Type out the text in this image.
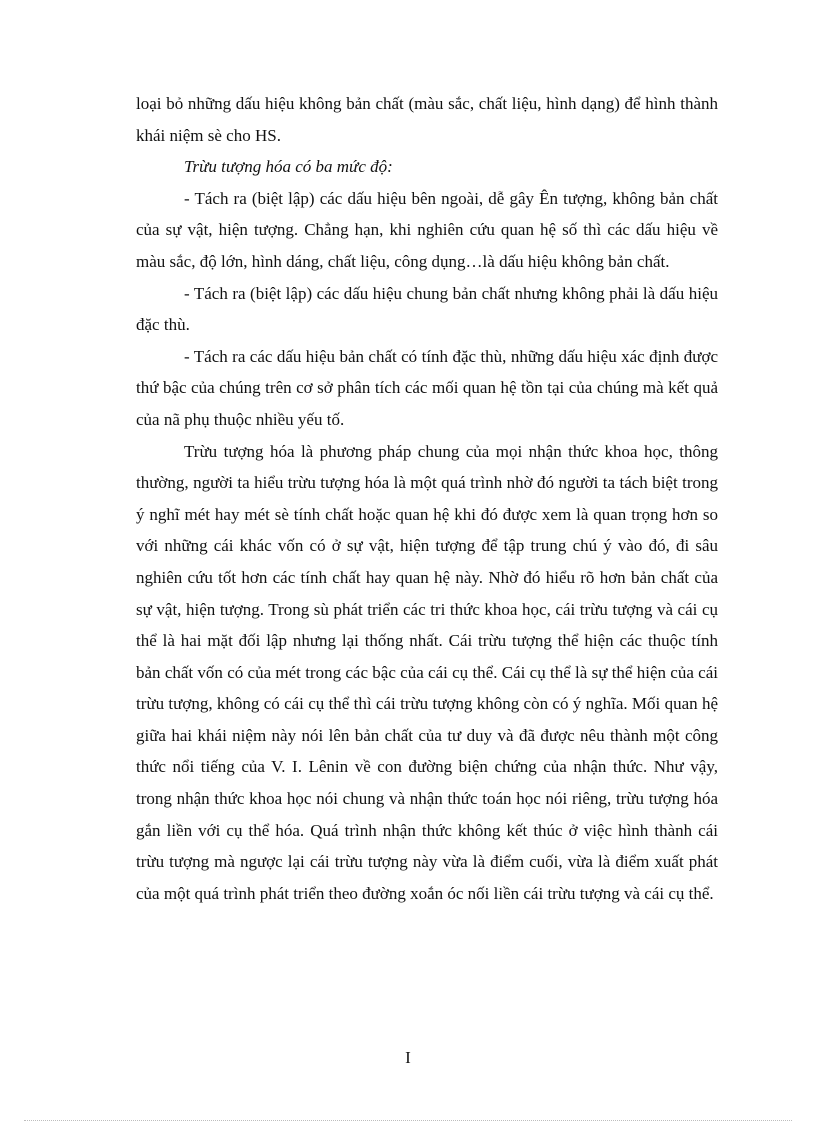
loại bỏ những dấu hiệu không bản chất (màu sắc, chất liệu, hình dạng) để hình thành khái niệm sè cho HS.

Trừu tượng hóa có ba mức độ:

- Tách ra (biệt lập) các dấu hiệu bên ngoài, dễ gây Ên tượng, không bản chất của sự vật, hiện tượng. Chẳng hạn, khi nghiên cứu quan hệ số thì các dấu hiệu về màu sắc, độ lớn, hình dáng, chất liệu, công dụng…là dấu hiệu không bản chất.

- Tách ra (biệt lập) các dấu hiệu chung bản chất nhưng không phải là dấu hiệu đặc thù.

- Tách ra các dấu hiệu bản chất có tính đặc thù, những dấu hiệu xác định được thứ bậc của chúng trên cơ sở phân tích các mối quan hệ tồn tại của chúng mà kết quả của nã phụ thuộc nhiều yếu tố.

Trừu tượng hóa là phương pháp chung của mọi nhận thức khoa học, thông thường, người ta hiểu trừu tượng hóa là một quá trình nhờ đó người ta tách biệt trong ý nghĩ mét hay mét sè tính chất hoặc quan hệ khi đó được xem là quan trọng hơn so với những cái khác vốn có ở sự vật, hiện tượng để tập trung chú ý vào đó, đi sâu nghiên cứu tốt hơn các tính chất hay quan hệ này. Nhờ đó hiểu rõ hơn bản chất của sự vật, hiện tượng. Trong sù phát triển các tri thức khoa học, cái trừu tượng và cái cụ thể là hai mặt đối lập nhưng lại thống nhất. Cái trừu tượng thể hiện các thuộc tính bản chất vốn có của mét trong các bậc của cái cụ thể. Cái cụ thể là sự thể hiện của cái trừu tượng, không có cái cụ thể thì cái trừu tượng không còn có ý nghĩa. Mối quan hệ giữa hai khái niệm này nói lên bản chất của tư duy và đã được nêu thành một công thức nổi tiếng của V. I. Lênin về con đường biện chứng của nhận thức. Như vậy, trong nhận thức khoa học nói chung và nhận thức toán học nói riêng, trừu tượng hóa gắn liền với cụ thể hóa. Quá trình nhận thức không kết thúc ở việc hình thành cái trừu tượng mà ngược lại cái trừu tượng này vừa là điểm cuối, vừa là điểm xuất phát của một quá trình phát triển theo đường xoắn óc nối liền cái trừu tượng và cái cụ thể.

I
